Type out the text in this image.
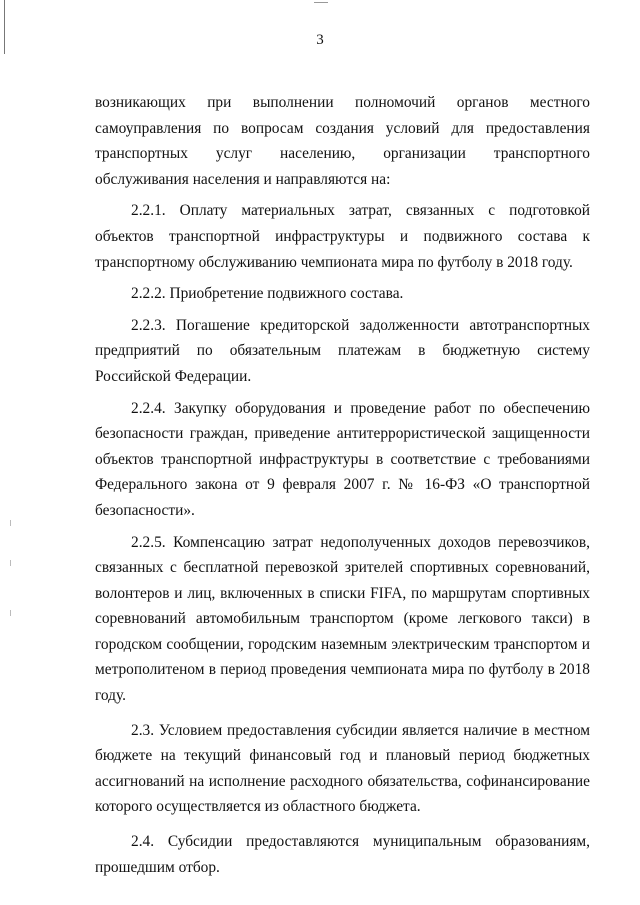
3

возникающих при выполнении полномочий органов местного самоуправления по вопросам создания условий для предоставления транспортных услуг населению, организации транспортного обслуживания населения и направляются на:

2.2.1. Оплату материальных затрат, связанных с подготовкой объектов транспортной инфраструктуры и подвижного состава к транспортному обслуживанию чемпионата мира по футболу в 2018 году.

2.2.2. Приобретение подвижного состава.

2.2.3. Погашение кредиторской задолженности автотранспортных предприятий по обязательным платежам в бюджетную систему Российской Федерации.

2.2.4. Закупку оборудования и проведение работ по обеспечению безопасности граждан, приведение антитеррористической защищенности объектов транспортной инфраструктуры в соответствие с требованиями Федерального закона от 9 февраля 2007 г. № 16-ФЗ «О транспортной безопасности».

2.2.5. Компенсацию затрат недополученных доходов перевозчиков, связанных с бесплатной перевозкой зрителей спортивных соревнований, волонтеров и лиц, включенных в списки FIFA, по маршрутам спортивных соревнований автомобильным транспортом (кроме легкового такси) в городском сообщении, городским наземным электрическим транспортом и метрополитеном в период проведения чемпионата мира по футболу в 2018 году.

2.3. Условием предоставления субсидии является наличие в местном бюджете на текущий финансовый год и плановый период бюджетных ассигнований на исполнение расходного обязательства, софинансирование которого осуществляется из областного бюджета.

2.4. Субсидии предоставляются муниципальным образованиям, прошедшим отбор.
